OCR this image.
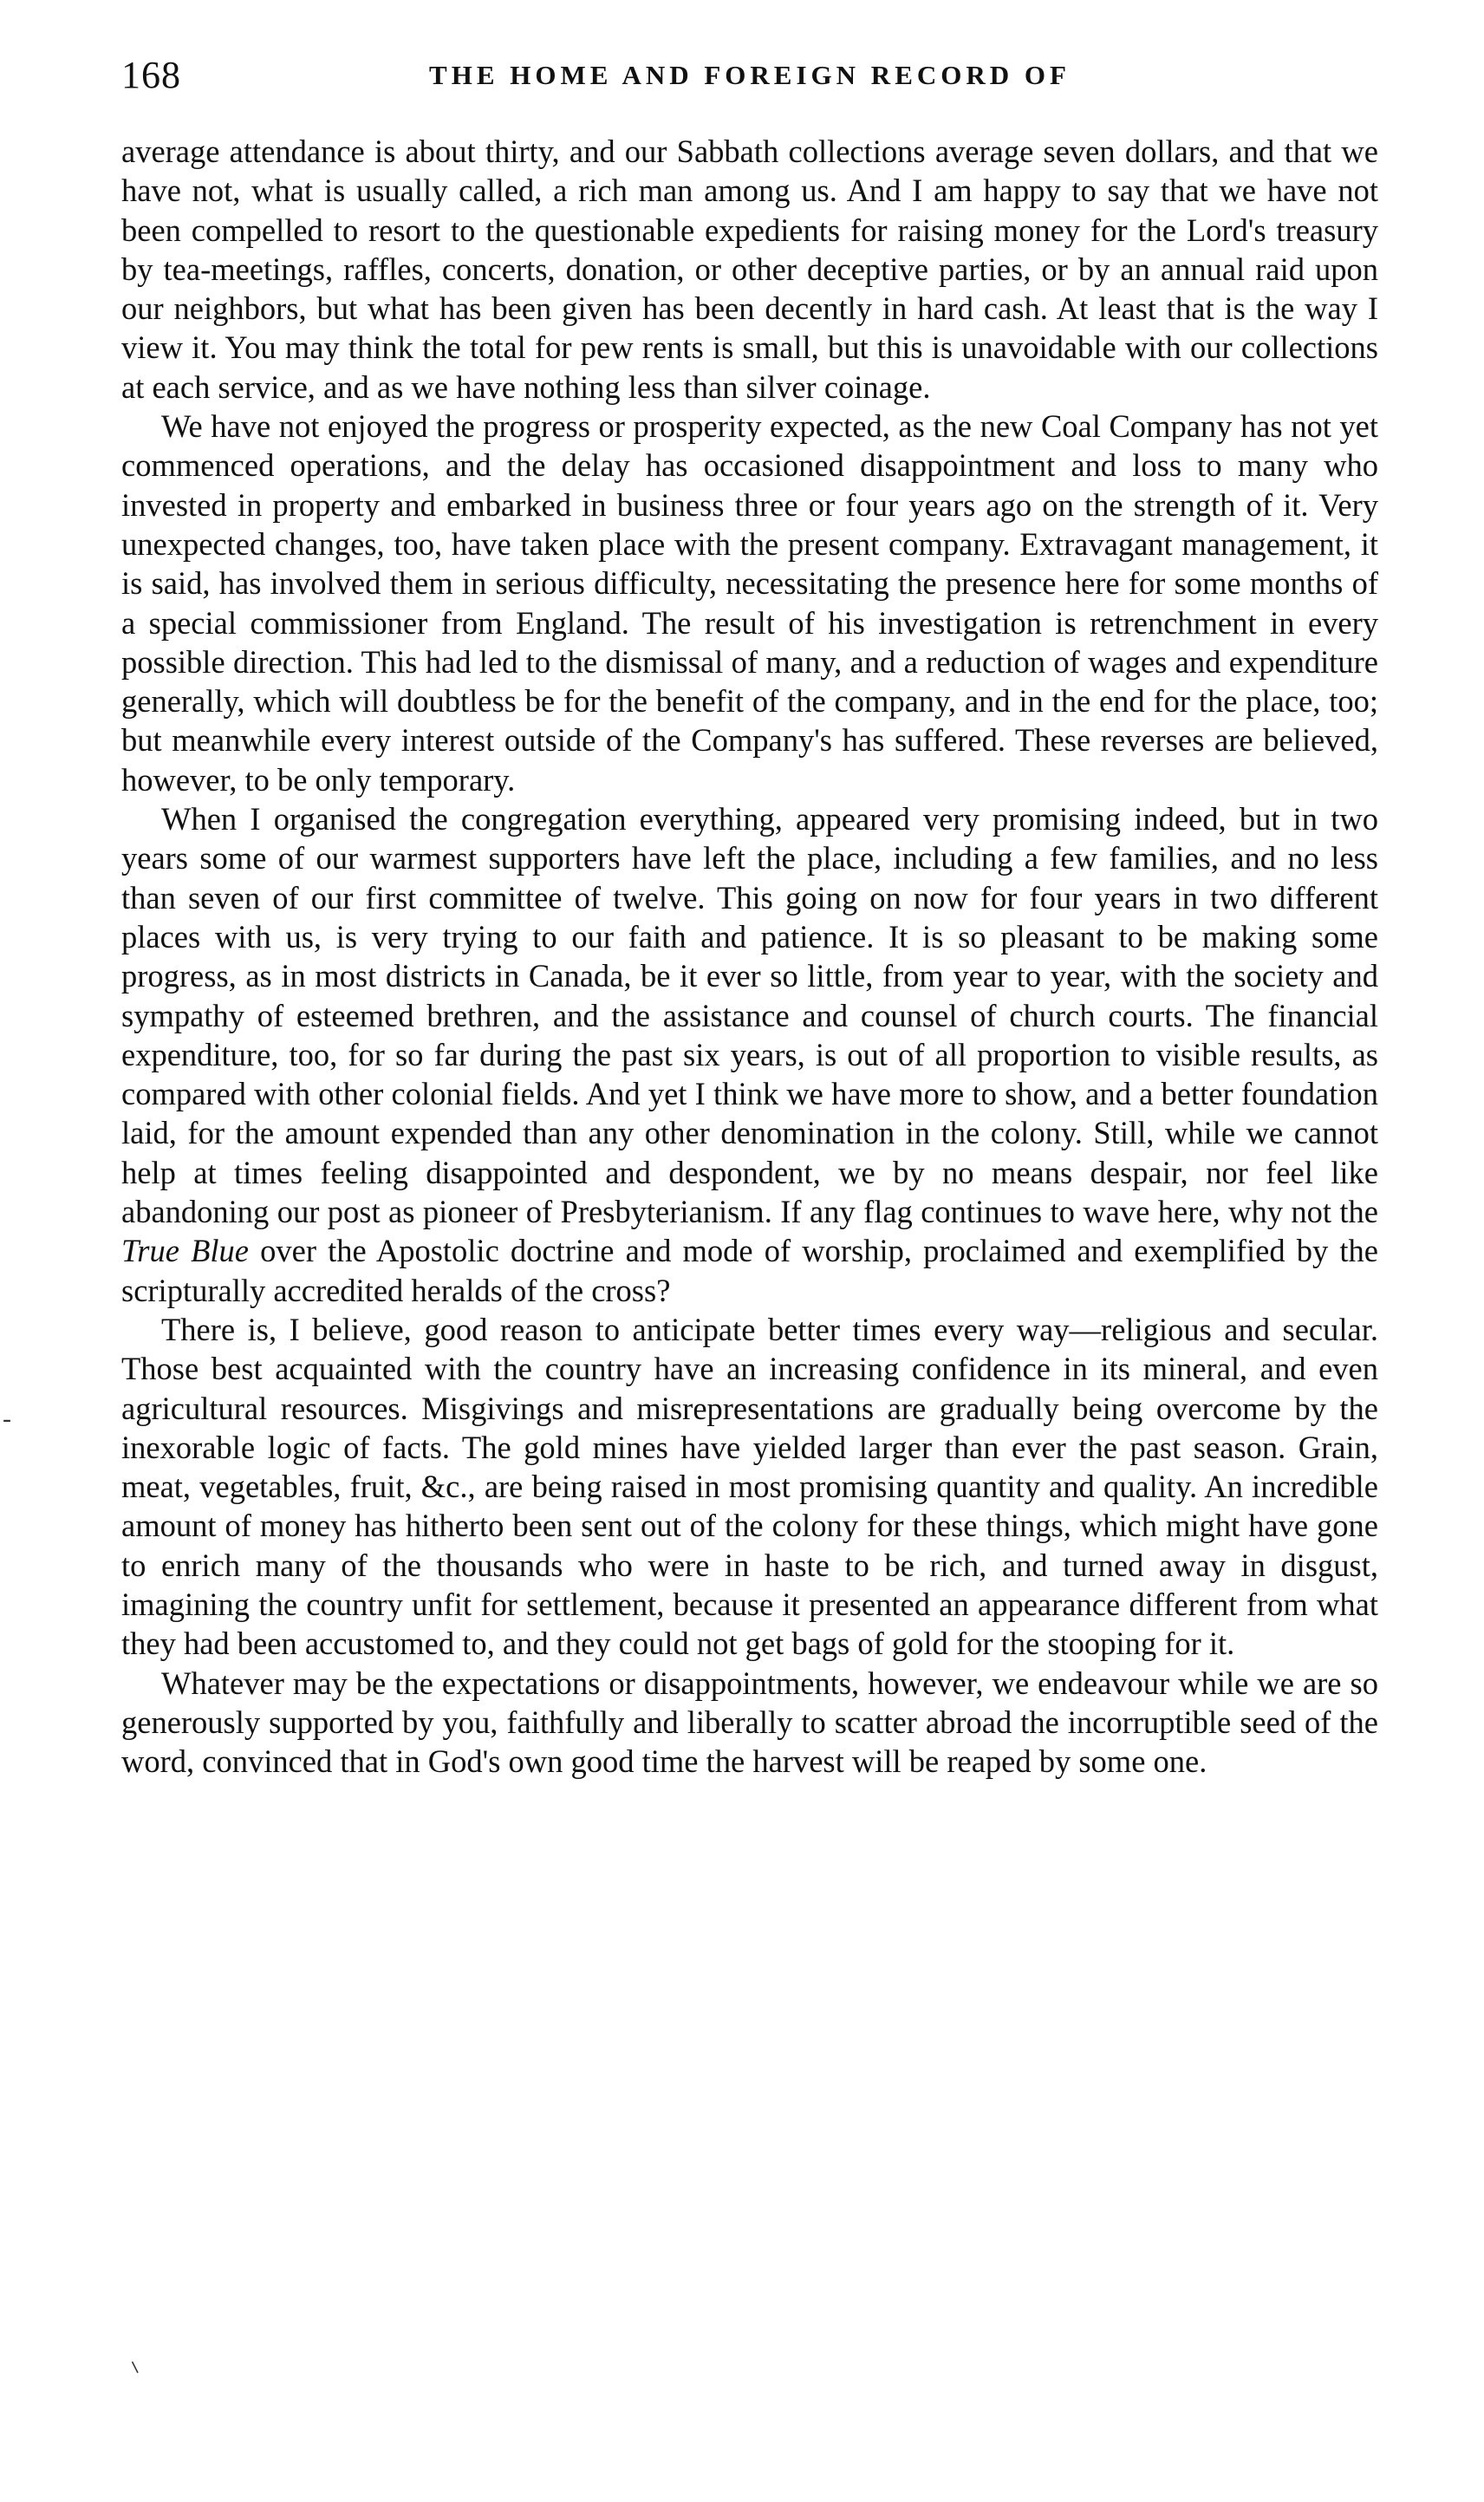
168	THE HOME AND FOREIGN RECORD OF

average attendance is about thirty, and our Sabbath collections average seven dollars, and that we have not, what is usually called, a rich man among us. And I am happy to say that we have not been compelled to resort to the questionable expedients for raising money for the Lord's treasury by tea-meetings, raffles, concerts, donation, or other deceptive parties, or by an annual raid upon our neighbors, but what has been given has been decently in hard cash. At least that is the way I view it. You may think the total for pew rents is small, but this is unavoidable with our collections at each service, and as we have nothing less than silver coinage.

We have not enjoyed the progress or prosperity expected, as the new Coal Company has not yet commenced operations, and the delay has occasioned disappointment and loss to many who invested in property and embarked in business three or four years ago on the strength of it. Very unexpected changes, too, have taken place with the present company. Extravagant management, it is said, has involved them in serious difficulty, necessitating the presence here for some months of a special commissioner from England. The result of his investigation is retrenchment in every possible direction. This had led to the dismissal of many, and a reduction of wages and expenditure generally, which will doubtless be for the benefit of the company, and in the end for the place, too; but meanwhile every interest outside of the Company's has suffered. These reverses are believed, however, to be only temporary.

When I organised the congregation everything, appeared very promising indeed, but in two years some of our warmest supporters have left the place, including a few families, and no less than seven of our first committee of twelve. This going on now for four years in two different places with us, is very trying to our faith and patience. It is so pleasant to be making some progress, as in most districts in Canada, be it ever so little, from year to year, with the society and sympathy of esteemed brethren, and the assistance and counsel of church courts. The financial expenditure, too, for so far during the past six years, is out of all proportion to visible results, as compared with other colonial fields. And yet I think we have more to show, and a better foundation laid, for the amount expended than any other denomination in the colony. Still, while we cannot help at times feeling disappointed and despondent, we by no means despair, nor feel like abandoning our post as pioneer of Presbyterianism. If any flag continues to wave here, why not the True Blue over the Apostolic doctrine and mode of worship, proclaimed and exemplified by the scripturally accredited heralds of the cross?

There is, I believe, good reason to anticipate better times every way—religious and secular. Those best acquainted with the country have an increasing confidence in its mineral, and even agricultural resources. Misgivings and misrepresentations are gradually being overcome by the inexorable logic of facts. The gold mines have yielded larger than ever the past season. Grain, meat, vegetables, fruit, &c., are being raised in most promising quantity and quality. An incredible amount of money has hitherto been sent out of the colony for these things, which might have gone to enrich many of the thousands who were in haste to be rich, and turned away in disgust, imagining the country unfit for settlement, because it presented an appearance different from what they had been accustomed to, and they could not get bags of gold for the stooping for it.

Whatever may be the expectations or disappointments, however, we endeavour while we are so generously supported by you, faithfully and liberally to scatter abroad the incorruptible seed of the word, convinced that in God's own good time the harvest will be reaped by some one.

‐
⸜
